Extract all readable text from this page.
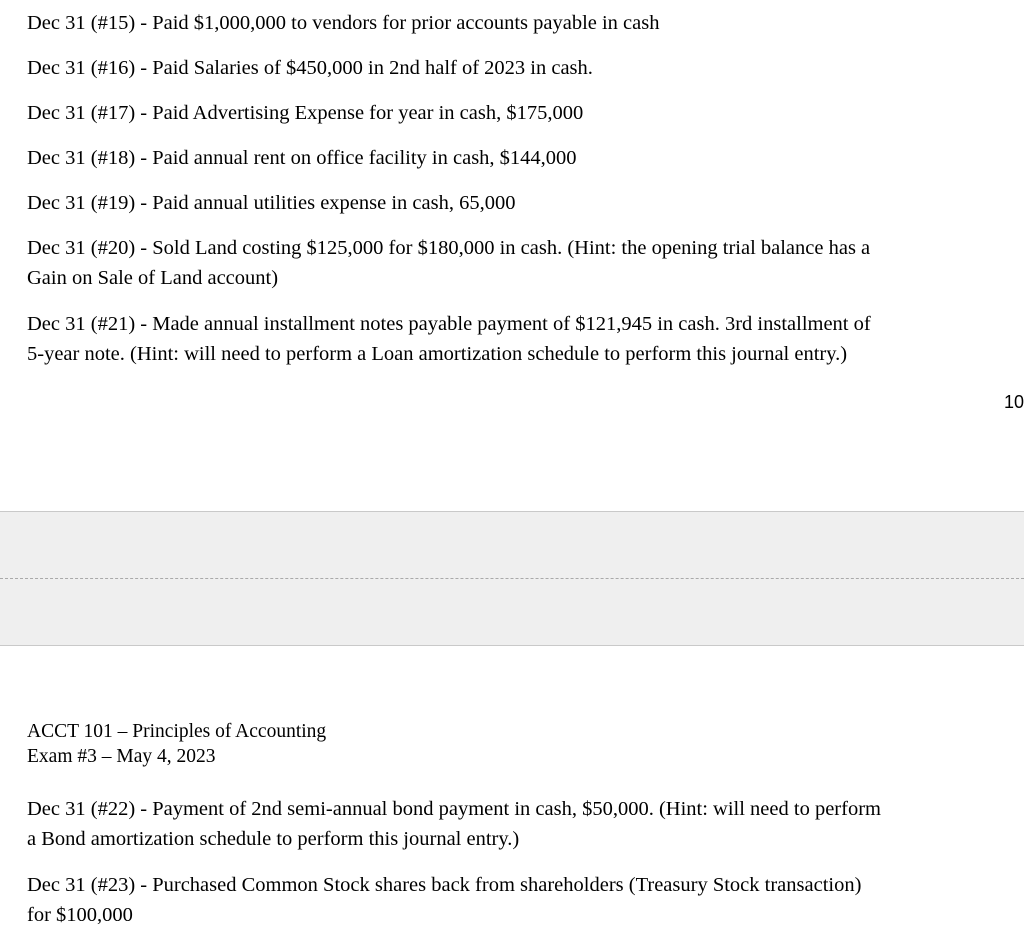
Dec 31 (#15) - Paid $1,000,000 to vendors for prior accounts payable in cash
Dec 31 (#16) - Paid Salaries of $450,000 in 2nd half of 2023 in cash.
Dec 31 (#17) - Paid Advertising Expense for year in cash, $175,000
Dec 31 (#18) - Paid annual rent on office facility in cash, $144,000
Dec 31 (#19) - Paid annual utilities expense in cash, 65,000
Dec 31 (#20) - Sold Land costing $125,000 for $180,000 in cash. (Hint: the opening trial balance has a
Gain on Sale of Land account)
Dec 31 (#21) - Made annual installment notes payable payment of $121,945 in cash. 3rd installment of
5-year note. (Hint: will need to perform a Loan amortization schedule to perform this journal entry.)
10
ACCT 101 – Principles of Accounting
Exam #3 – May 4, 2023
Dec 31 (#22) - Payment of 2nd semi-annual bond payment in cash, $50,000. (Hint: will need to perform
a Bond amortization schedule to perform this journal entry.)
Dec 31 (#23) - Purchased Common Stock shares back from shareholders (Treasury Stock transaction)
for $100,000
